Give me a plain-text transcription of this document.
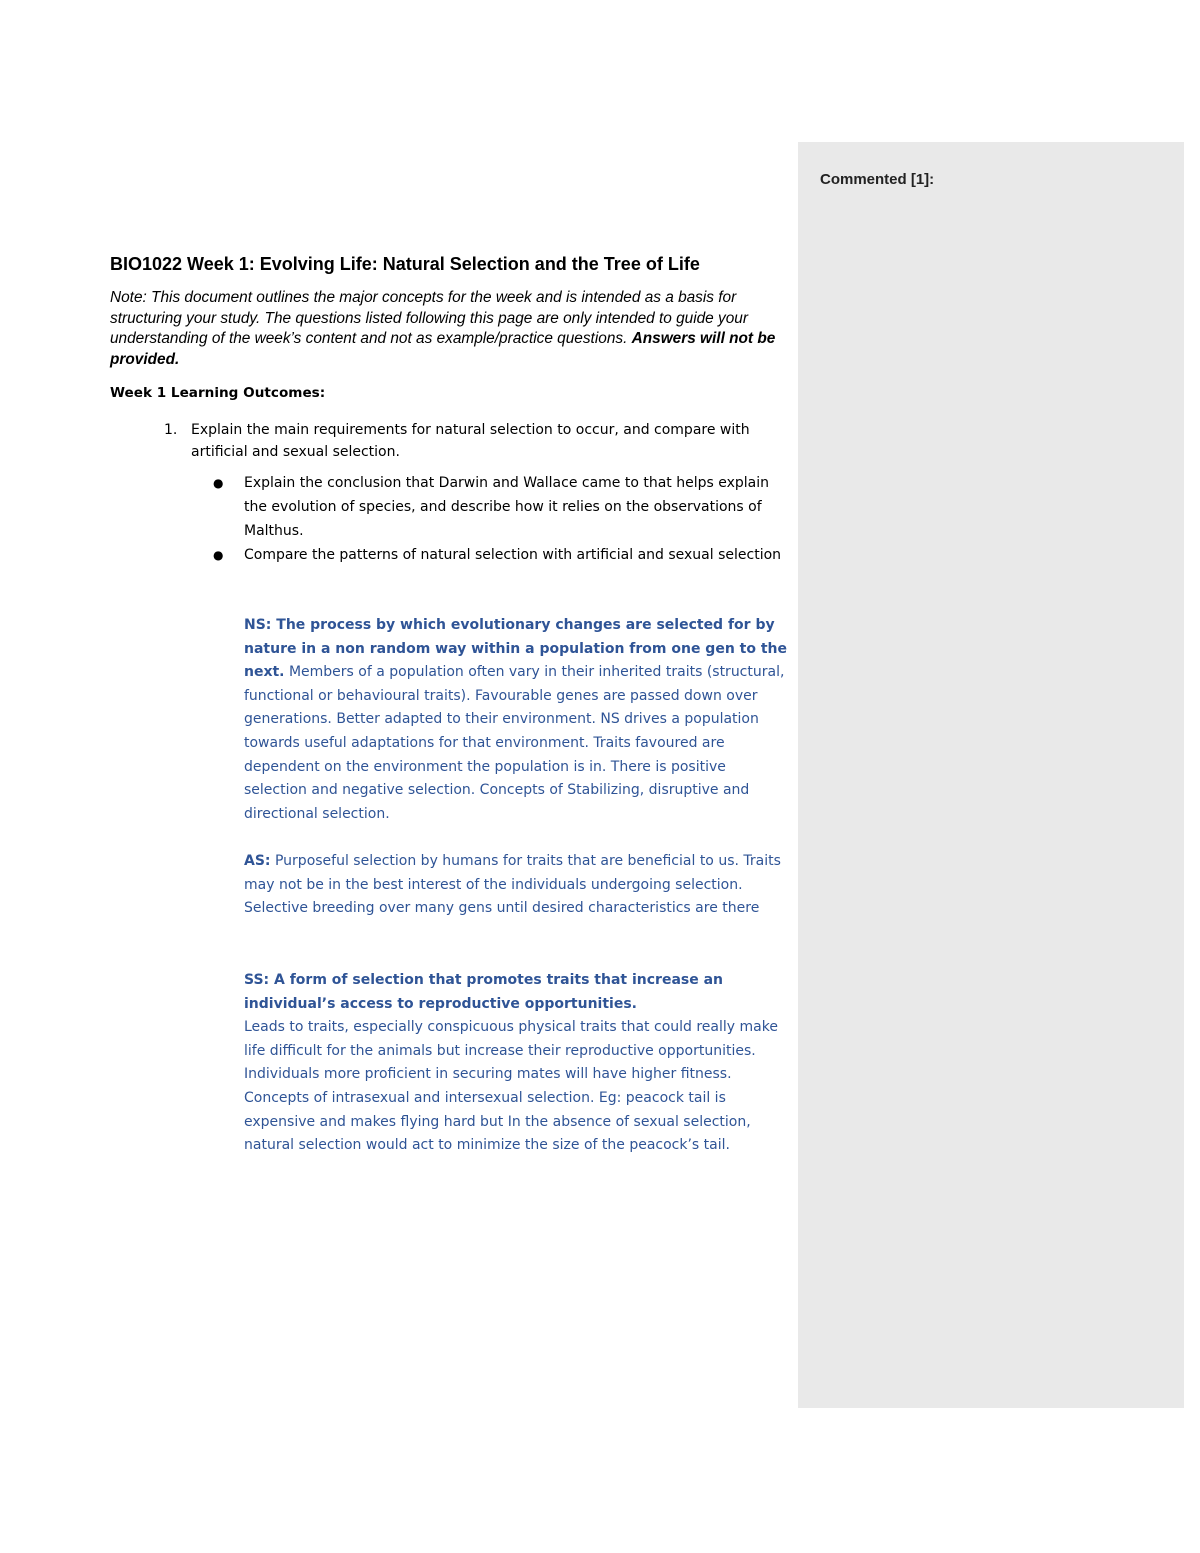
Commented [1]:
BIO1022 Week 1: Evolving Life: Natural Selection and the Tree of Life
Note: This document outlines the major concepts for the week and is intended as a basis for structuring your study. The questions listed following this page are only intended to guide your understanding of the week’s content and not as example/practice questions. Answers will not be provided.
Week 1 Learning Outcomes:
1. Explain the main requirements for natural selection to occur, and compare with artificial and sexual selection.
● Explain the conclusion that Darwin and Wallace came to that helps explain the evolution of species, and describe how it relies on the observations of Malthus.
● Compare the patterns of natural selection with artificial and sexual selection
NS: The process by which evolutionary changes are selected for by nature in a non random way within a population from one gen to the next. Members of a population often vary in their inherited traits (structural, functional or behavioural traits). Favourable genes are passed down over generations. Better adapted to their environment. NS drives a population towards useful adaptations for that environment. Traits favoured are dependent on the environment the population is in. There is positive selection and negative selection. Concepts of Stabilizing, disruptive and directional selection.
AS: Purposeful selection by humans for traits that are beneficial to us. Traits may not be in the best interest of the individuals undergoing selection. Selective breeding over many gens until desired characteristics are there
SS: A form of selection that promotes traits that increase an individual’s access to reproductive opportunities.
Leads to traits, especially conspicuous physical traits that could really make life difficult for the animals but increase their reproductive opportunities. Individuals more proficient in securing mates will have higher fitness. Concepts of intrasexual and intersexual selection. Eg: peacock tail is expensive and makes flying hard but In the absence of sexual selection, natural selection would act to minimize the size of the peacock’s tail.
